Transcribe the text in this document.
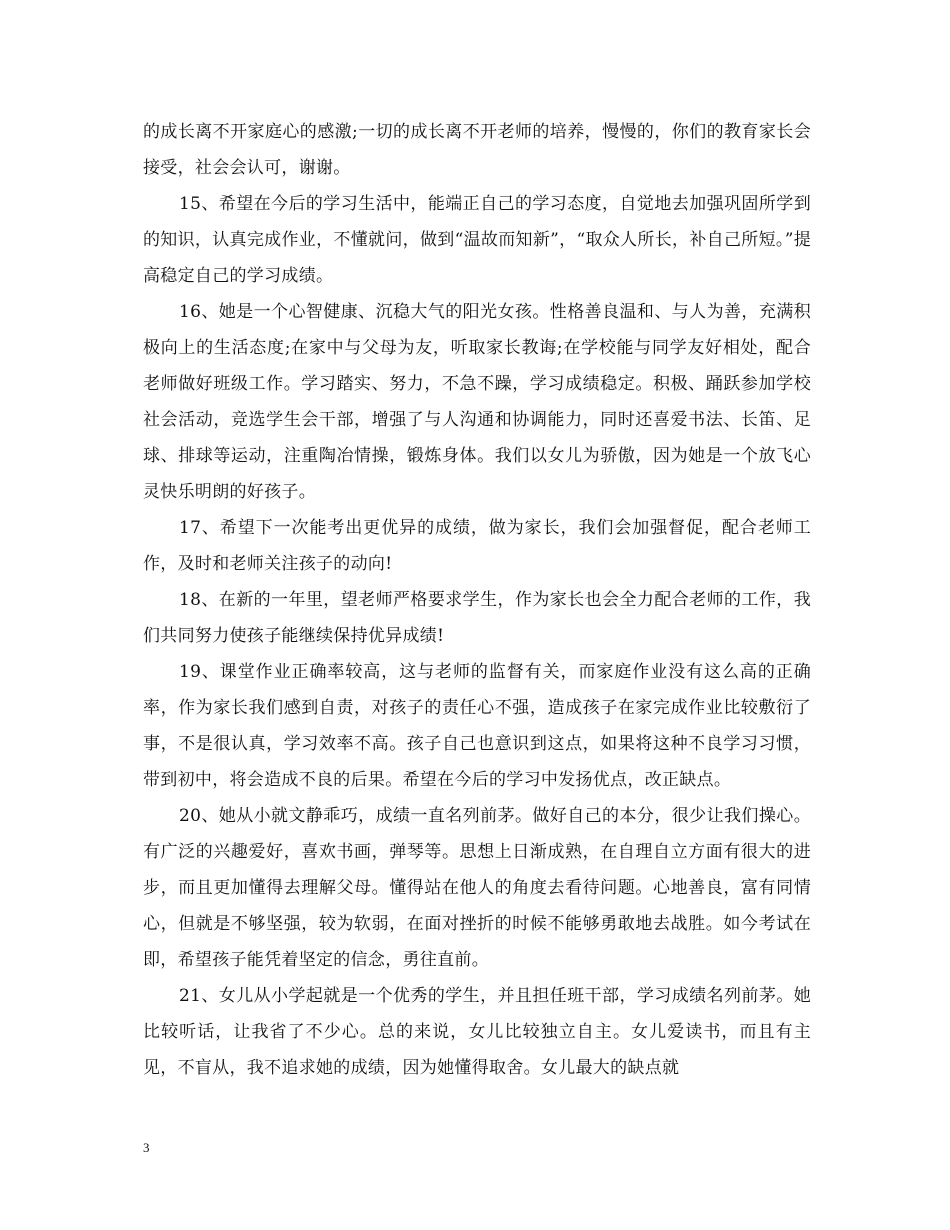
的成长离不开家庭心的感激;一切的成长离不开老师的培养，慢慢的，你们的教育家长会接受，社会会认可，谢谢。

15、希望在今后的学习生活中，能端正自己的学习态度，自觉地去加强巩固所学到的知识，认真完成作业，不懂就问，做到“温故而知新”，“取众人所长，补自己所短。”提高稳定自己的学习成绩。

16、她是一个心智健康、沉稳大气的阳光女孩。性格善良温和、与人为善，充满积极向上的生活态度;在家中与父母为友，听取家长教诲;在学校能与同学友好相处，配合老师做好班级工作。学习踏实、努力，不急不躁，学习成绩稳定。积极、踊跃参加学校社会活动，竞选学生会干部，增强了与人沟通和协调能力，同时还喜爱书法、长笛、足球、排球等运动，注重陶冶情操，锻炼身体。我们以女儿为骄傲，因为她是一个放飞心灵快乐明朗的好孩子。

17、希望下一次能考出更优异的成绩，做为家长，我们会加强督促，配合老师工作，及时和老师关注孩子的动向!

18、在新的一年里，望老师严格要求学生，作为家长也会全力配合老师的工作，我们共同努力使孩子能继续保持优异成绩!

19、课堂作业正确率较高，这与老师的监督有关，而家庭作业没有这么高的正确率，作为家长我们感到自责，对孩子的责任心不强，造成孩子在家完成作业比较敷衍了事，不是很认真，学习效率不高。孩子自己也意识到这点，如果将这种不良学习习惯，带到初中，将会造成不良的后果。希望在今后的学习中发扬优点，改正缺点。

20、她从小就文静乖巧，成绩一直名列前茅。做好自己的本分，很少让我们操心。有广泛的兴趣爱好，喜欢书画，弹琴等。思想上日渐成熟，在自理自立方面有很大的进步，而且更加懂得去理解父母。懂得站在他人的角度去看待问题。心地善良，富有同情心，但就是不够坚强，较为软弱，在面对挫折的时候不能够勇敢地去战胜。如今考试在即，希望孩子能凭着坚定的信念，勇往直前。

21、女儿从小学起就是一个优秀的学生，并且担任班干部，学习成绩名列前茅。她比较听话，让我省了不少心。总的来说，女儿比较独立自主。女儿爱读书，而且有主见，不盲从，我不追求她的成绩，因为她懂得取舍。女儿最大的缺点就

3
